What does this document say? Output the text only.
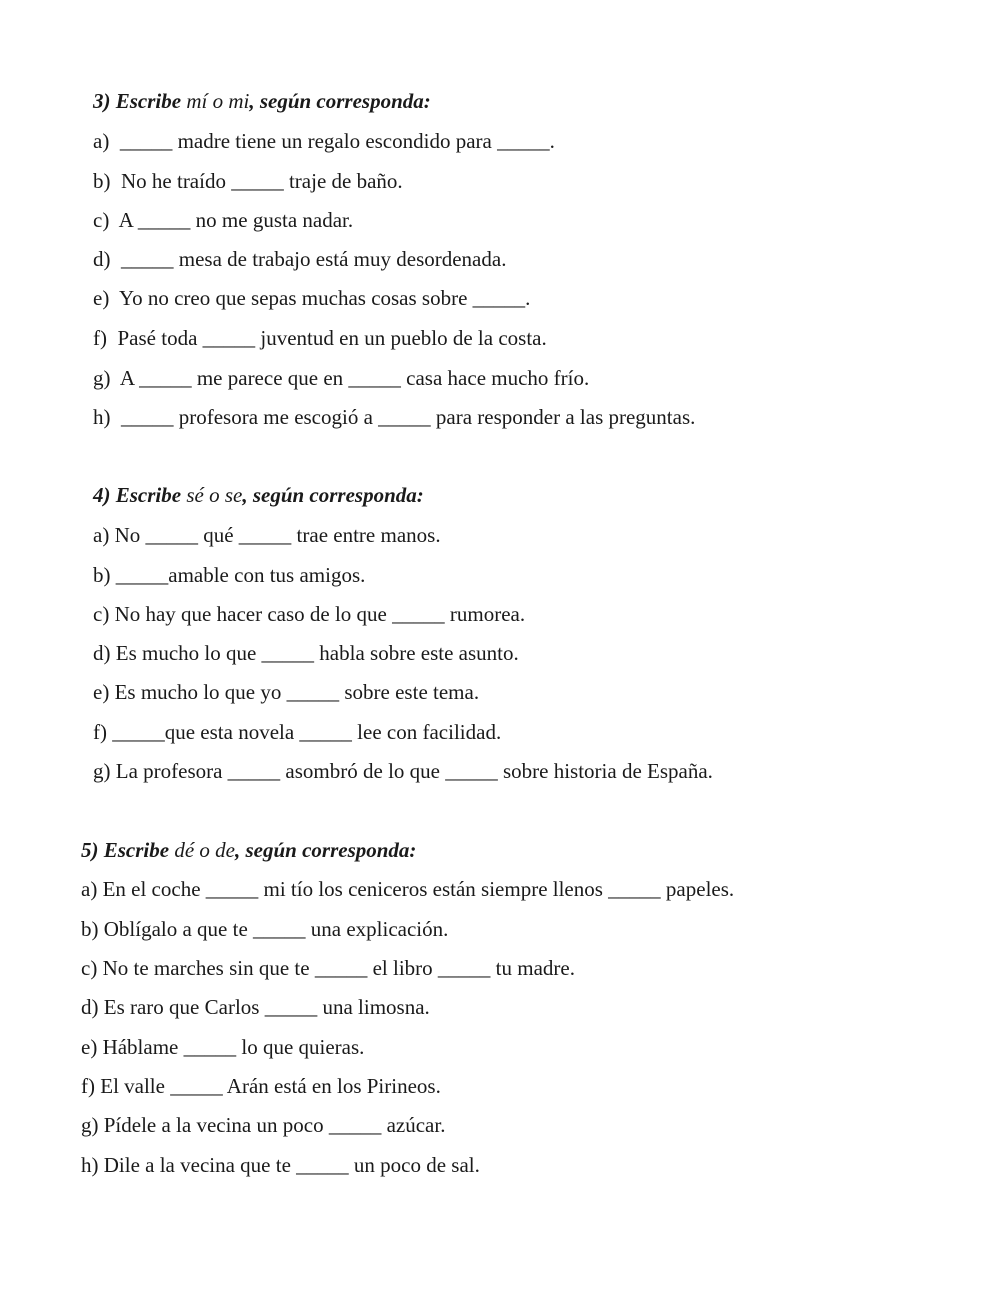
3) Escribe mí o mi, según corresponda:
a)  _____ madre tiene un regalo escondido para _____.
b)  No he traído _____ traje de baño.
c)  A _____ no me gusta nadar.
d)  _____ mesa de trabajo está muy desordenada.
e)  Yo no creo que sepas muchas cosas sobre _____.
f)  Pasé toda _____ juventud en un pueblo de la costa.
g)  A _____ me parece que en _____ casa hace mucho frío.
h)  _____ profesora me escogió a _____ para responder a las preguntas.
4) Escribe sé o se, según corresponda:
a) No _____ qué _____ trae entre manos.
b) _____amable con tus amigos.
c) No hay que hacer caso de lo que _____ rumorea.
d) Es mucho lo que _____ habla sobre este asunto.
e) Es mucho lo que yo _____ sobre este tema.
f) _____que esta novela _____ lee con facilidad.
g) La profesora _____ asombró de lo que _____ sobre historia de España.
5) Escribe dé o de, según corresponda:
a) En el coche _____ mi tío los ceniceros están siempre llenos _____ papeles.
b) Oblígalo a que te _____ una explicación.
c) No te marches sin que te _____ el libro _____ tu madre.
d) Es raro que Carlos _____ una limosna.
e) Háblame _____ lo que quieras.
f) El valle _____ Arán está en los Pirineos.
g) Pídele a la vecina un poco _____ azúcar.
h) Dile a la vecina que te _____ un poco de sal.
